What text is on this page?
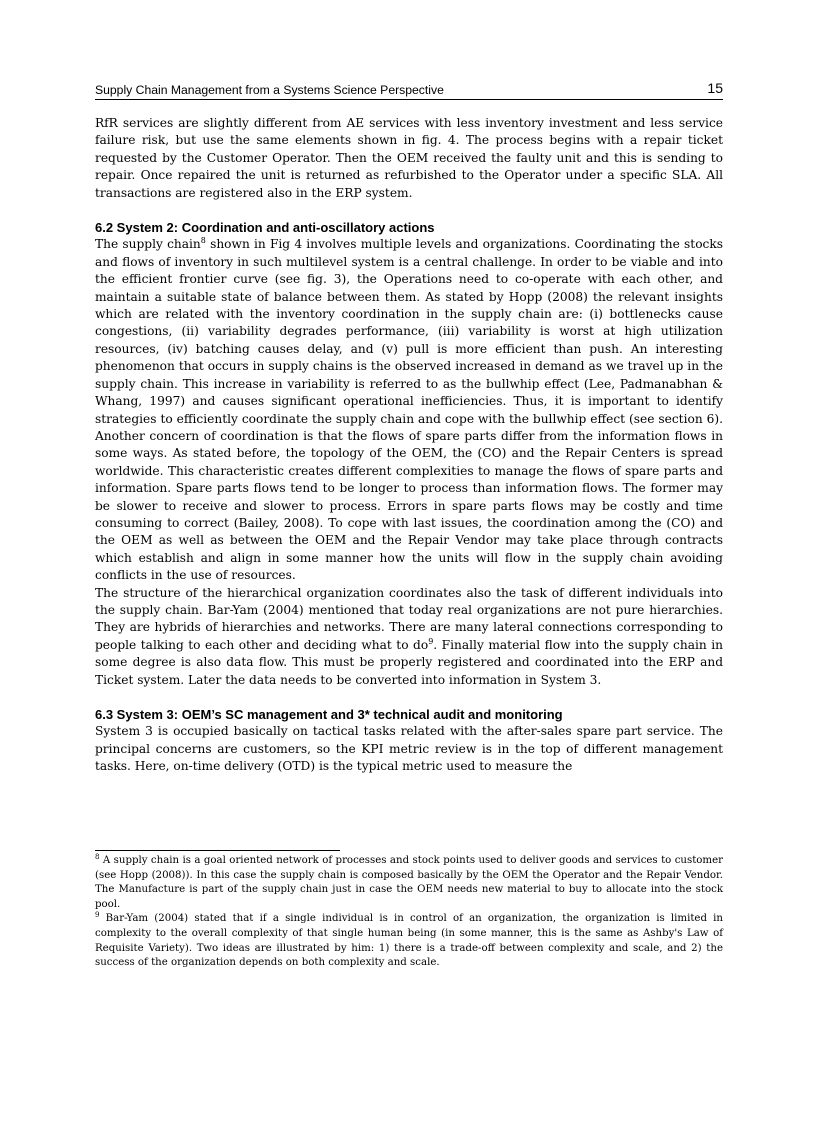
Supply Chain Management from a Systems Science Perspective	15

RfR services are slightly different from AE services with less inventory investment and less service failure risk, but use the same elements shown in fig. 4. The process begins with a repair ticket requested by the Customer Operator. Then the OEM received the faulty unit and this is sending to repair. Once repaired the unit is returned as refurbished to the Operator under a specific SLA. All transactions are registered also in the ERP system.

6.2 System 2: Coordination and anti-oscillatory actions

The supply chain$^8$ shown in Fig 4 involves multiple levels and organizations. Coordinating the stocks and flows of inventory in such multilevel system is a central challenge. In order to be viable and into the efficient frontier curve (see fig. 3), the Operations need to co-operate with each other, and maintain a suitable state of balance between them. As stated by Hopp (2008) the relevant insights which are related with the inventory coordination in the supply chain are: (i) bottlenecks cause congestions, (ii) variability degrades performance, (iii) variability is worst at high utilization resources, (iv) batching causes delay, and (v) pull is more efficient than push. An interesting phenomenon that occurs in supply chains is the observed increased in demand as we travel up in the supply chain. This increase in variability is referred to as the bullwhip effect (Lee, Padmanabhan & Whang, 1997) and causes significant operational inefficiencies. Thus, it is important to identify strategies to efficiently coordinate the supply chain and cope with the bullwhip effect (see section 6). Another concern of coordination is that the flows of spare parts differ from the information flows in some ways. As stated before, the topology of the OEM, the (CO) and the Repair Centers is spread worldwide. This characteristic creates different complexities to manage the flows of spare parts and information. Spare parts flows tend to be longer to process than information flows. The former may be slower to receive and slower to process. Errors in spare parts flows may be costly and time consuming to correct (Bailey, 2008). To cope with last issues, the coordination among the (CO) and the OEM as well as between the OEM and the Repair Vendor may take place through contracts which establish and align in some manner how the units will flow in the supply chain avoiding conflicts in the use of resources.

The structure of the hierarchical organization coordinates also the task of different individuals into the supply chain. Bar-Yam (2004) mentioned that today real organizations are not pure hierarchies. They are hybrids of hierarchies and networks. There are many lateral connections corresponding to people talking to each other and deciding what to $do^9$. Finally material flow into the supply chain in some degree is also data flow. This must be properly registered and coordinated into the ERP and Ticket system. Later the data needs to be converted into information in System 3.

6.3 System 3: OEM’s SC management and 3* technical audit and monitoring

System 3 is occupied basically on tactical tasks related with the after-sales spare part service. The principal concerns are customers, so the KPI metric review is in the top of different management tasks. Here, on-time delivery (OTD) is the typical metric used to measure the

$^8$ A supply chain is a goal oriented network of processes and stock points used to deliver goods and services to customer (see Hopp (2008)). In this case the supply chain is composed basically by the OEM the Operator and the Repair Vendor. The Manufacture is part of the supply chain just in case the OEM needs new material to buy to allocate into the stock pool.

$^9$ Bar-Yam (2004) stated that if a single individual is in control of an organization, the organization is limited in complexity to the overall complexity of that single human being (in some manner, this is the same as Ashby's Law of Requisite Variety). Two ideas are illustrated by him: 1) there is a trade-off between complexity and scale, and 2) the success of the organization depends on both complexity and scale.
